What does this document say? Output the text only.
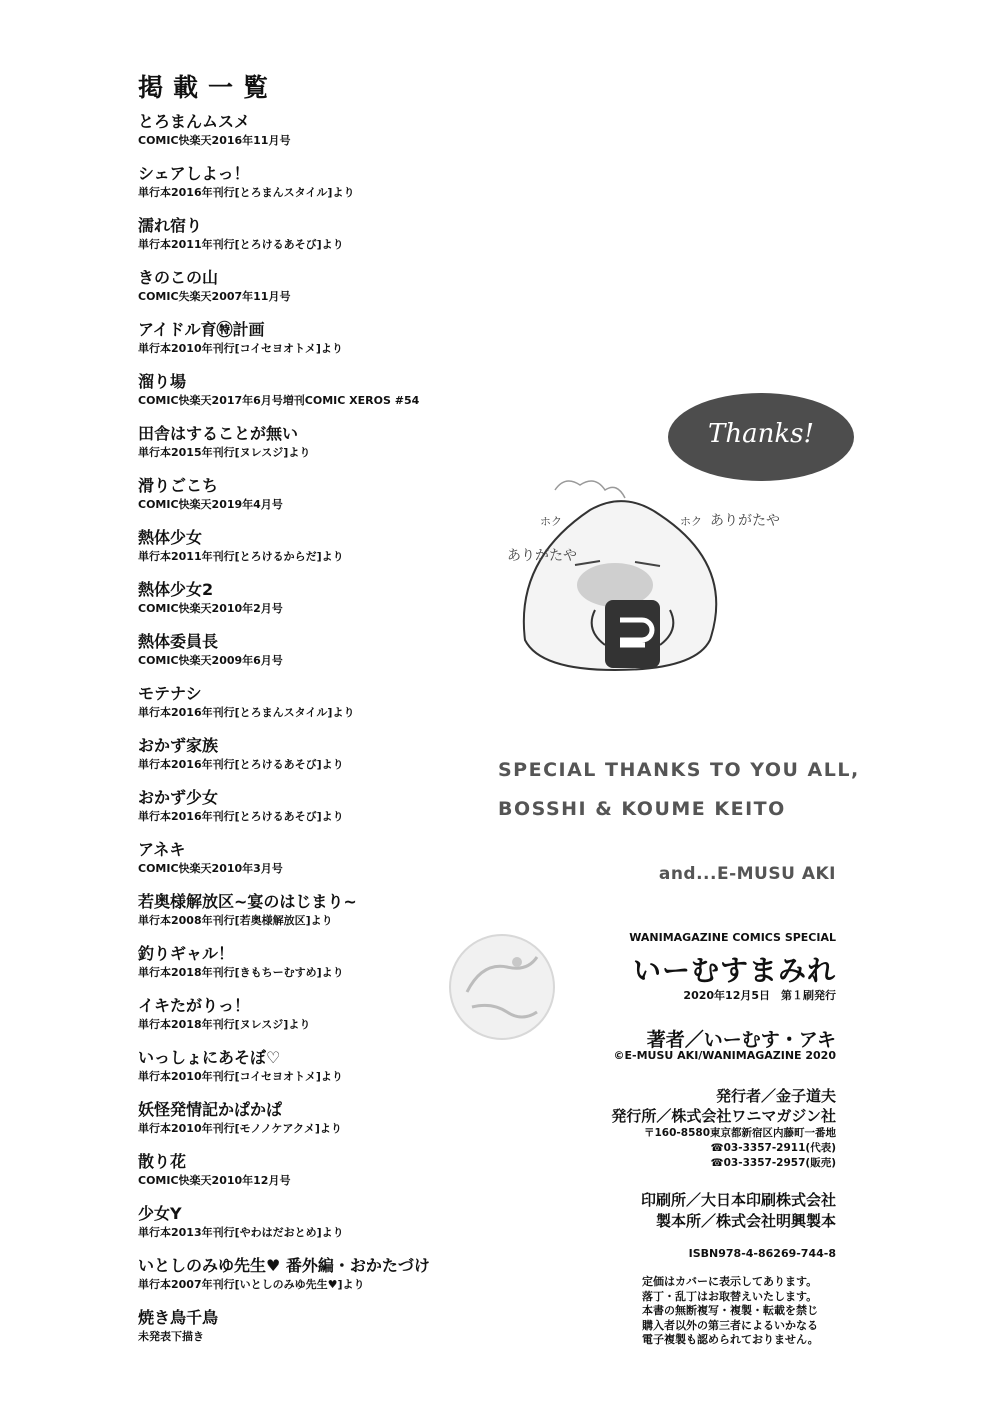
掲載一覧
とろまんムスメ
COMIC快楽天2016年11月号
シェアしよっ！
単行本2016年刊行[とろまんスタイル]より
濡れ宿り
単行本2011年刊行[とろけるあそび]より
きのこの山
COMIC失楽天2007年11月号
アイドル育㊕計画
単行本2010年刊行[コイセヨオトメ]より
溜り場
COMIC快楽天2017年6月号増刊COMIC XEROS #54
田舎はすることが無い
単行本2015年刊行[ヌレスジ]より
滑りごこち
COMIC快楽天2019年4月号
熱体少女
単行本2011年刊行[とろけるからだ]より
熱体少女2
COMIC快楽天2010年2月号
熱体委員長
COMIC快楽天2009年6月号
モテナシ
単行本2016年刊行[とろまんスタイル]より
おかず家族
単行本2016年刊行[とろけるあそび]より
おかず少女
単行本2016年刊行[とろけるあそび]より
アネキ
COMIC快楽天2010年3月号
若奥様解放区~宴のはじまり~
単行本2008年刊行[若奥様解放区]より
釣りギャル！
単行本2018年刊行[きもちーむすめ]より
イキたがりっ！
単行本2018年刊行[ヌレスジ]より
いっしょにあそぼ♡
単行本2010年刊行[コイセヨオトメ]より
妖怪発情記かぱかぱ
単行本2010年刊行[モノノケアクメ]より
散り花
COMIC快楽天2010年12月号
少女Y
単行本2013年刊行[やわはだおとめ]より
いとしのみゆ先生♥ 番外編・おかたづけ
単行本2007年刊行[いとしのみゆ先生♥]より
焼き鳥千鳥
未発表下描き
Thanks!
ありがたや
ありがたや
ホク	ホク
SPECIAL THANKS TO YOU ALL,
BOSSHI & KOUME KEITO
and...E-MUSU AKI
WANIMAGAZINE COMICS SPECIAL
いーむすまみれ
2020年12月5日　第１刷発行
著者／いーむす・アキ
©E-MUSU AKI/WANIMAGAZINE 2020
発行者／金子道夫
発行所／株式会社ワニマガジン社
〒160-8580東京都新宿区内藤町一番地
☎03-3357-2911(代表)
☎03-3357-2957(販売)
印刷所／大日本印刷株式会社
製本所／株式会社明興製本
ISBN978-4-86269-744-8
定価はカバーに表示してあります。
落丁・乱丁はお取替えいたします。
本書の無断複写・複製・転載を禁じ
購入者以外の第三者によるいかなる
電子複製も認められておりません。
